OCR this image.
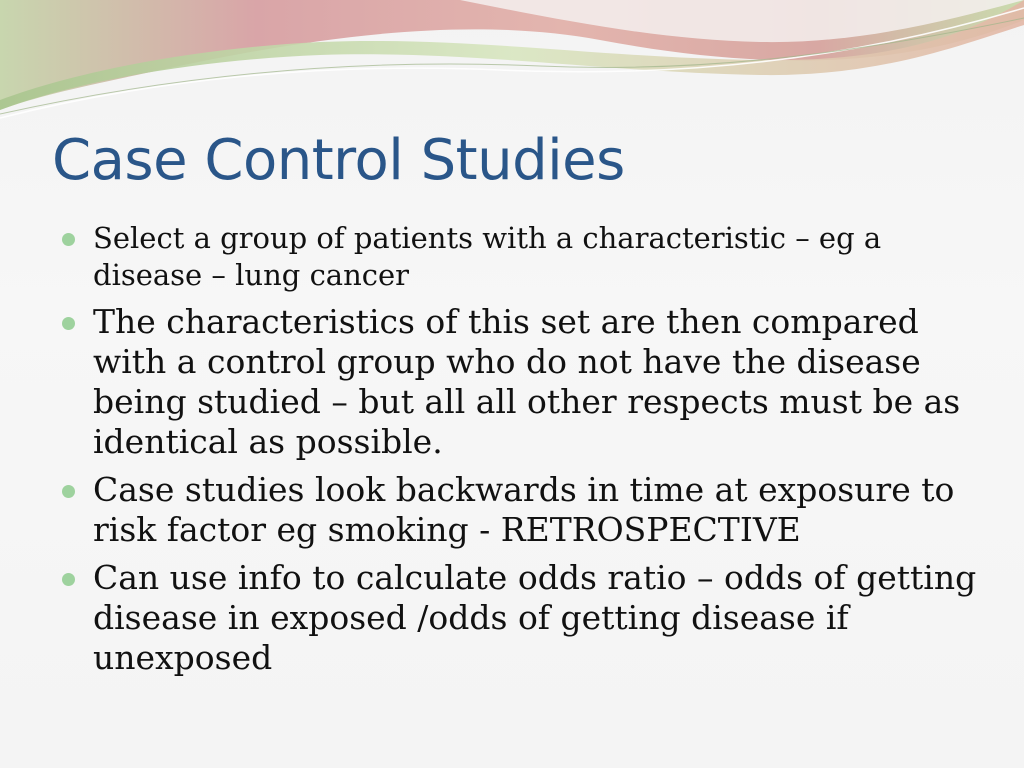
Case Control Studies
Select a group of patients with a characteristic – eg a disease – lung cancer
The characteristics of this set are then compared with a control group who do not have the disease being studied – but all all other respects must be as identical as possible.
Case studies look backwards in time at exposure to risk factor eg smoking - RETROSPECTIVE
Can use info to calculate odds ratio – odds of getting disease in exposed /odds of getting disease if unexposed
